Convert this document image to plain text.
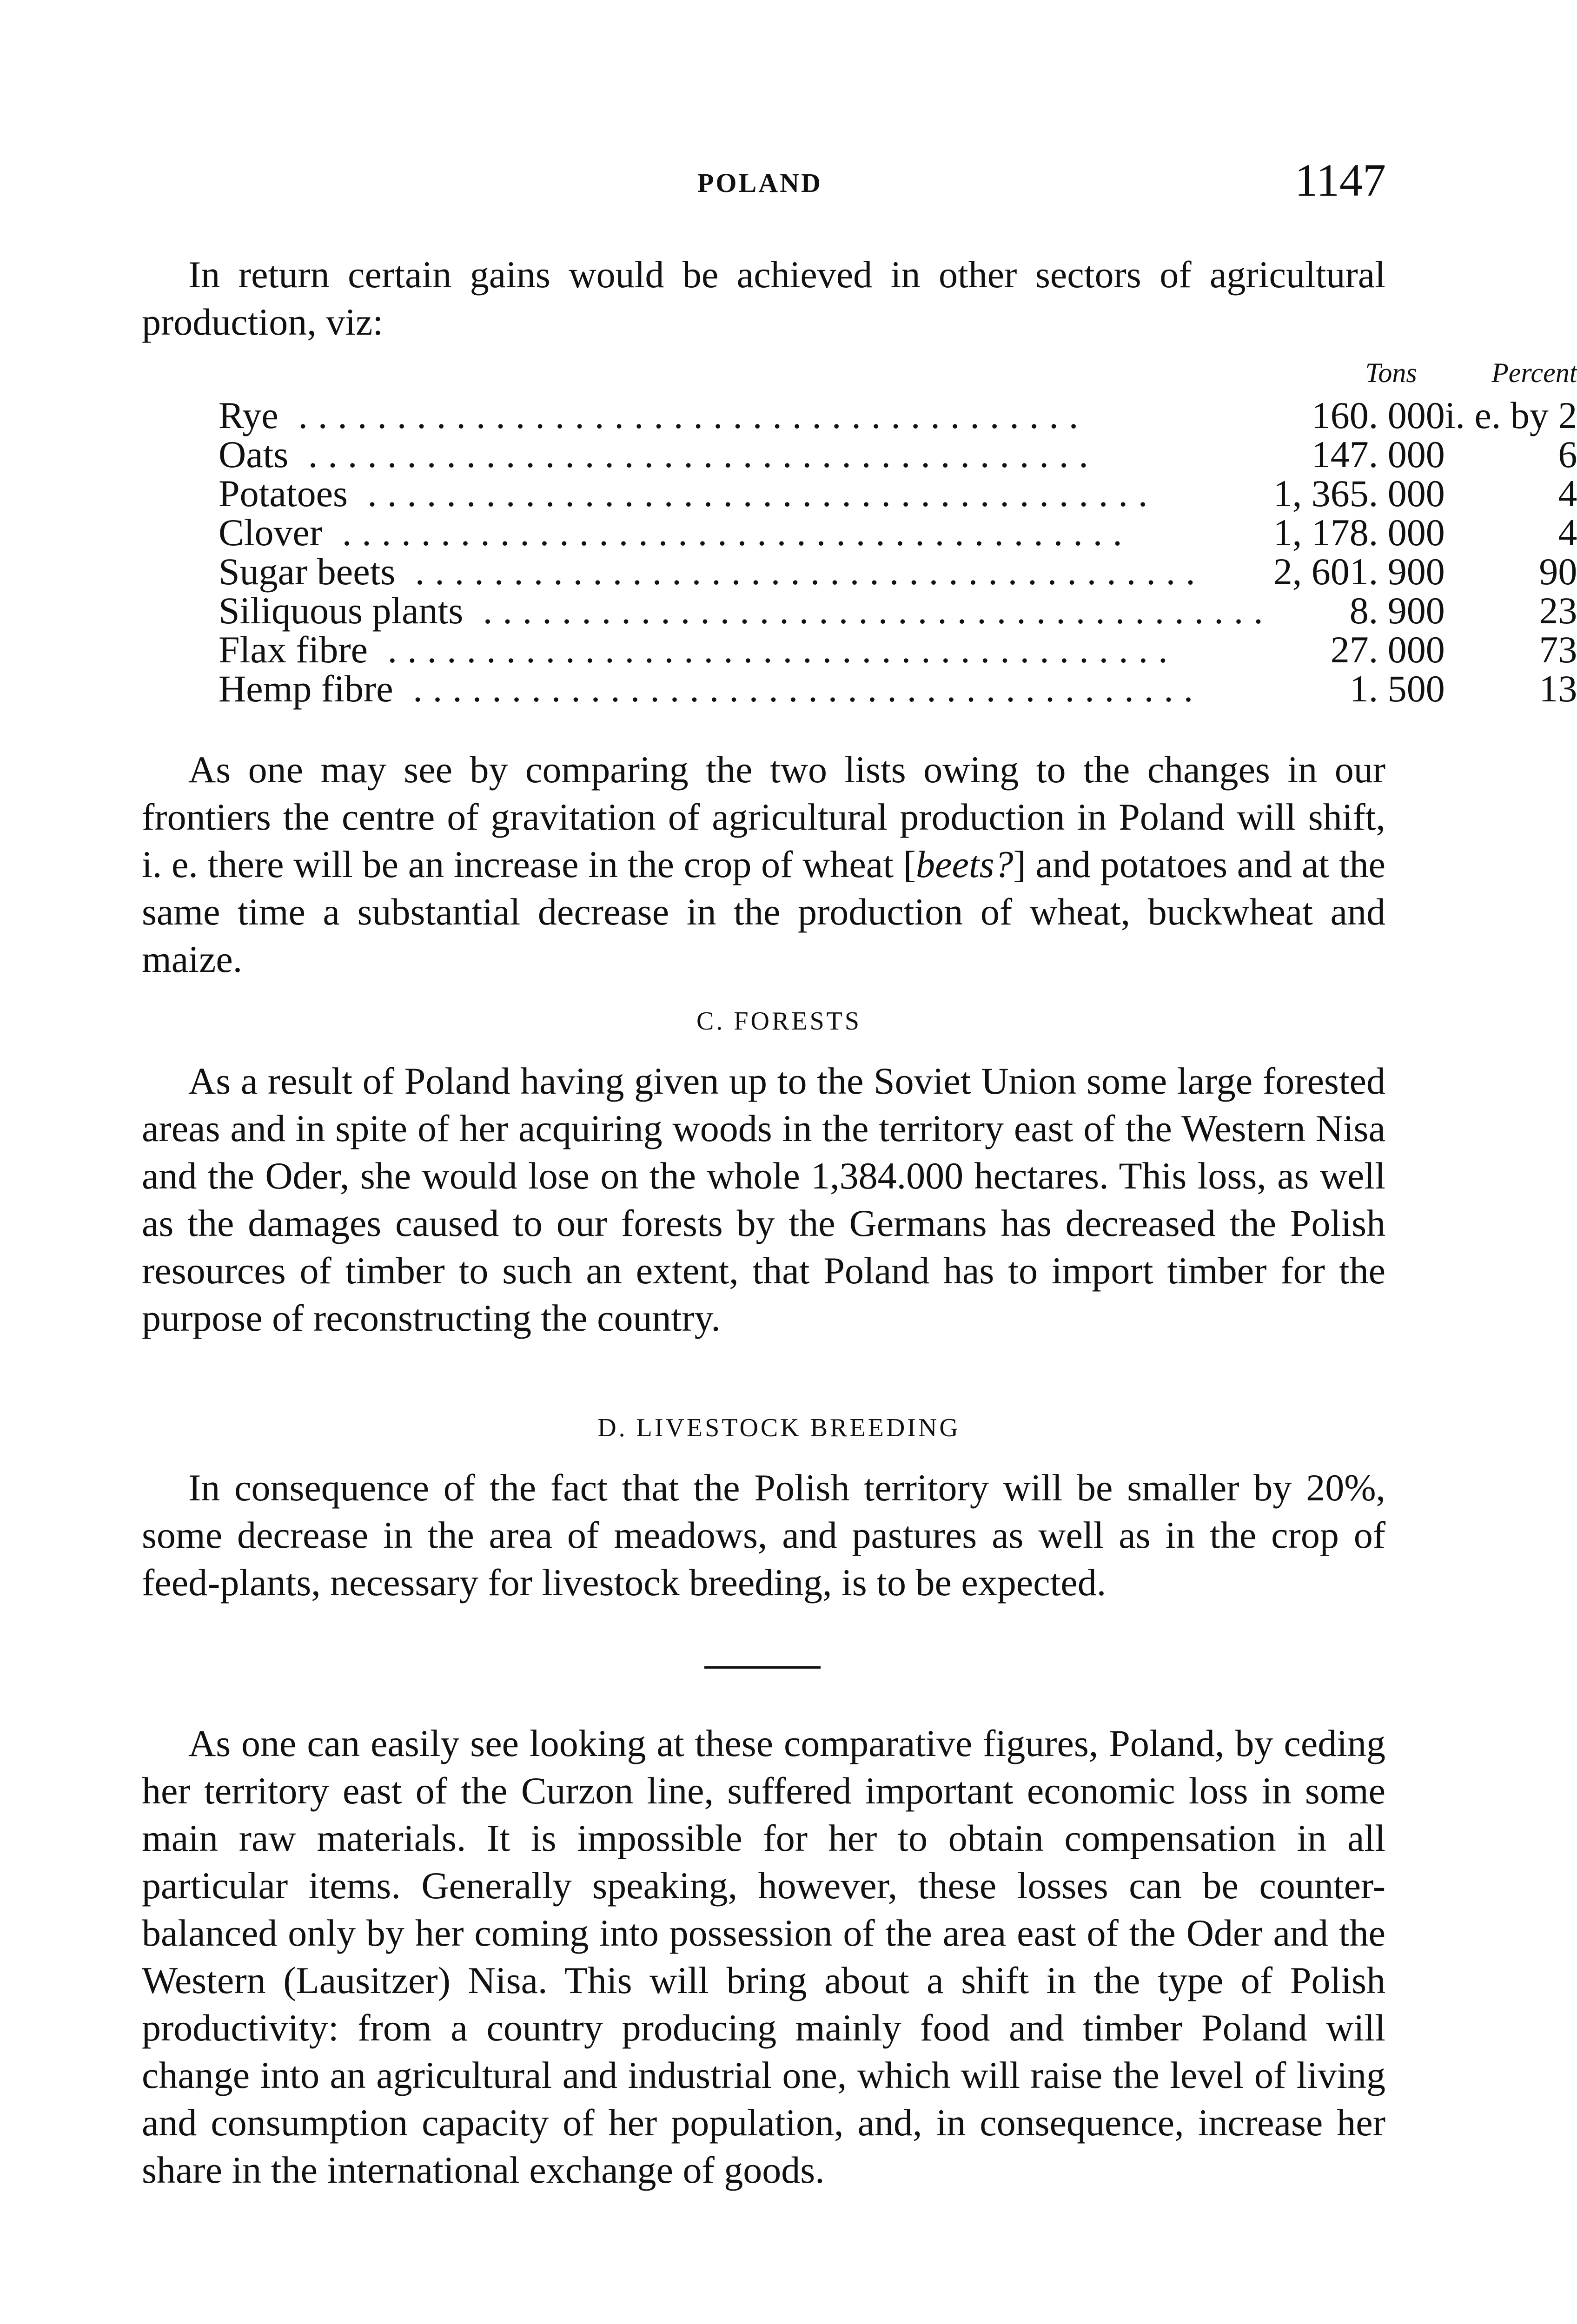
POLAND	1147

In return certain gains would be achieved in other sectors of agricultural production, viz:

	Tons	Percent
Rye ........................................	160. 000	i. e. by 2
Oats ........................................	147. 000	6
Potatoes ........................................	1, 365. 000	4
Clover ........................................	1, 178. 000	4
Sugar beets ........................................	2, 601. 900	90
Siliquous plants ........................................	8. 900	23
Flax fibre ........................................	27. 000	73
Hemp fibre ........................................	1. 500	13

As one may see by comparing the two lists owing to the changes in our frontiers the centre of gravitation of agricultural production in Poland will shift, i. e. there will be an increase in the crop of wheat [beets?] and potatoes and at the same time a substantial decrease in the production of wheat, buckwheat and maize.

C. FORESTS

As a result of Poland having given up to the Soviet Union some large forested areas and in spite of her acquiring woods in the territory east of the Western Nisa and the Oder, she would lose on the whole 1,384.000 hectares. This loss, as well as the damages caused to our forests by the Germans has decreased the Polish resources of timber to such an extent, that Poland has to import timber for the purpose of reconstructing the country.

D. LIVESTOCK BREEDING

In consequence of the fact that the Polish territory will be smaller by 20%, some decrease in the area of meadows, and pastures as well as in the crop of feed-plants, necessary for livestock breeding, is to be expected.

As one can easily see looking at these comparative figures, Poland, by ceding her territory east of the Curzon line, suffered important economic loss in some main raw materials. It is impossible for her to obtain compensation in all particular items. Generally speaking, however, these losses can be counter-balanced only by her coming into possession of the area east of the Oder and the Western (Lausitzer) Nisa. This will bring about a shift in the type of Polish productivity: from a country producing mainly food and timber Poland will change into an agricultural and industrial one, which will raise the level of living and consumption capacity of her population, and, in consequence, increase her share in the international exchange of goods.
